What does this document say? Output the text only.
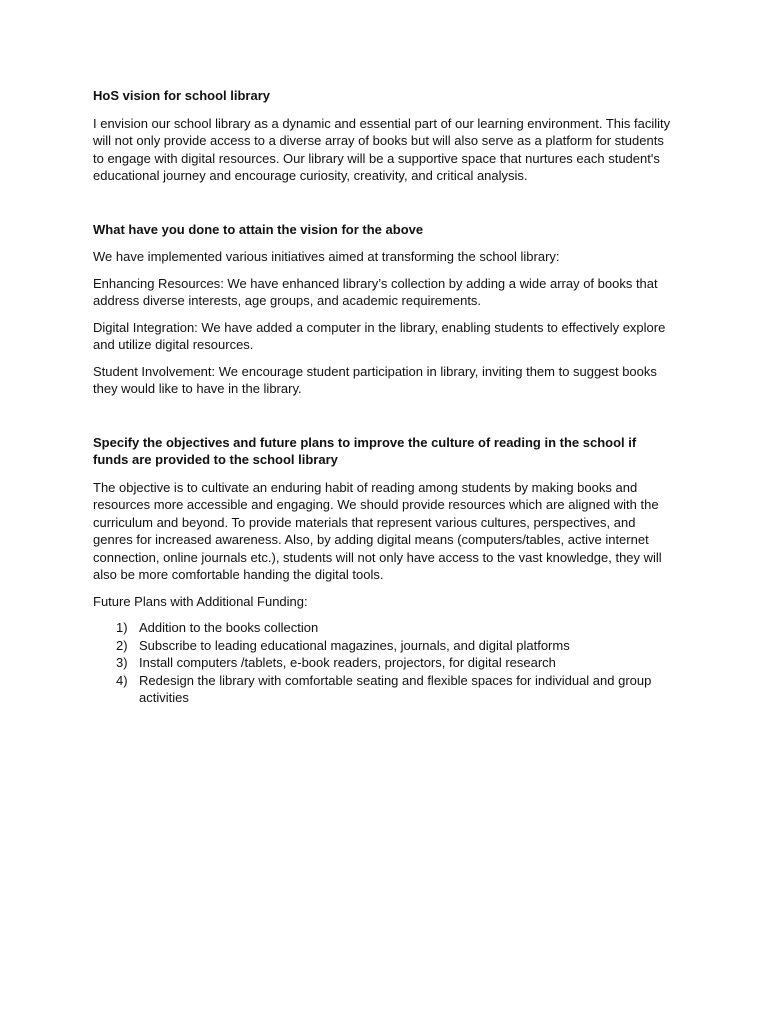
HoS vision for school library

I envision our school library as a dynamic and essential part of our learning environment. This facility will not only provide access to a diverse array of books but will also serve as a platform for students to engage with digital resources. Our library will be a supportive space that nurtures each student's educational journey and encourage curiosity, creativity, and critical analysis.

What have you done to attain the vision for the above

We have implemented various initiatives aimed at transforming the school library:

Enhancing Resources: We have enhanced library’s collection by adding a wide array of books that address diverse interests, age groups, and academic requirements.

Digital Integration: We have added a computer in the library, enabling students to effectively explore and utilize digital resources.

Student Involvement: We encourage student participation in library, inviting them to suggest books they would like to have in the library.

Specify the objectives and future plans to improve the culture of reading in the school if funds are provided to the school library

The objective is to cultivate an enduring habit of reading among students by making books and resources more accessible and engaging. We should provide resources which are aligned with the curriculum and beyond. To provide materials that represent various cultures, perspectives, and genres for increased awareness. Also, by adding digital means (computers/tables, active internet connection, online journals etc.), students will not only have access to the vast knowledge, they will also be more comfortable handing the digital tools.

Future Plans with Additional Funding:

1) Addition to the books collection
2) Subscribe to leading educational magazines, journals, and digital platforms
3) Install computers /tablets, e-book readers, projectors, for digital research
4) Redesign the library with comfortable seating and flexible spaces for individual and group activities
